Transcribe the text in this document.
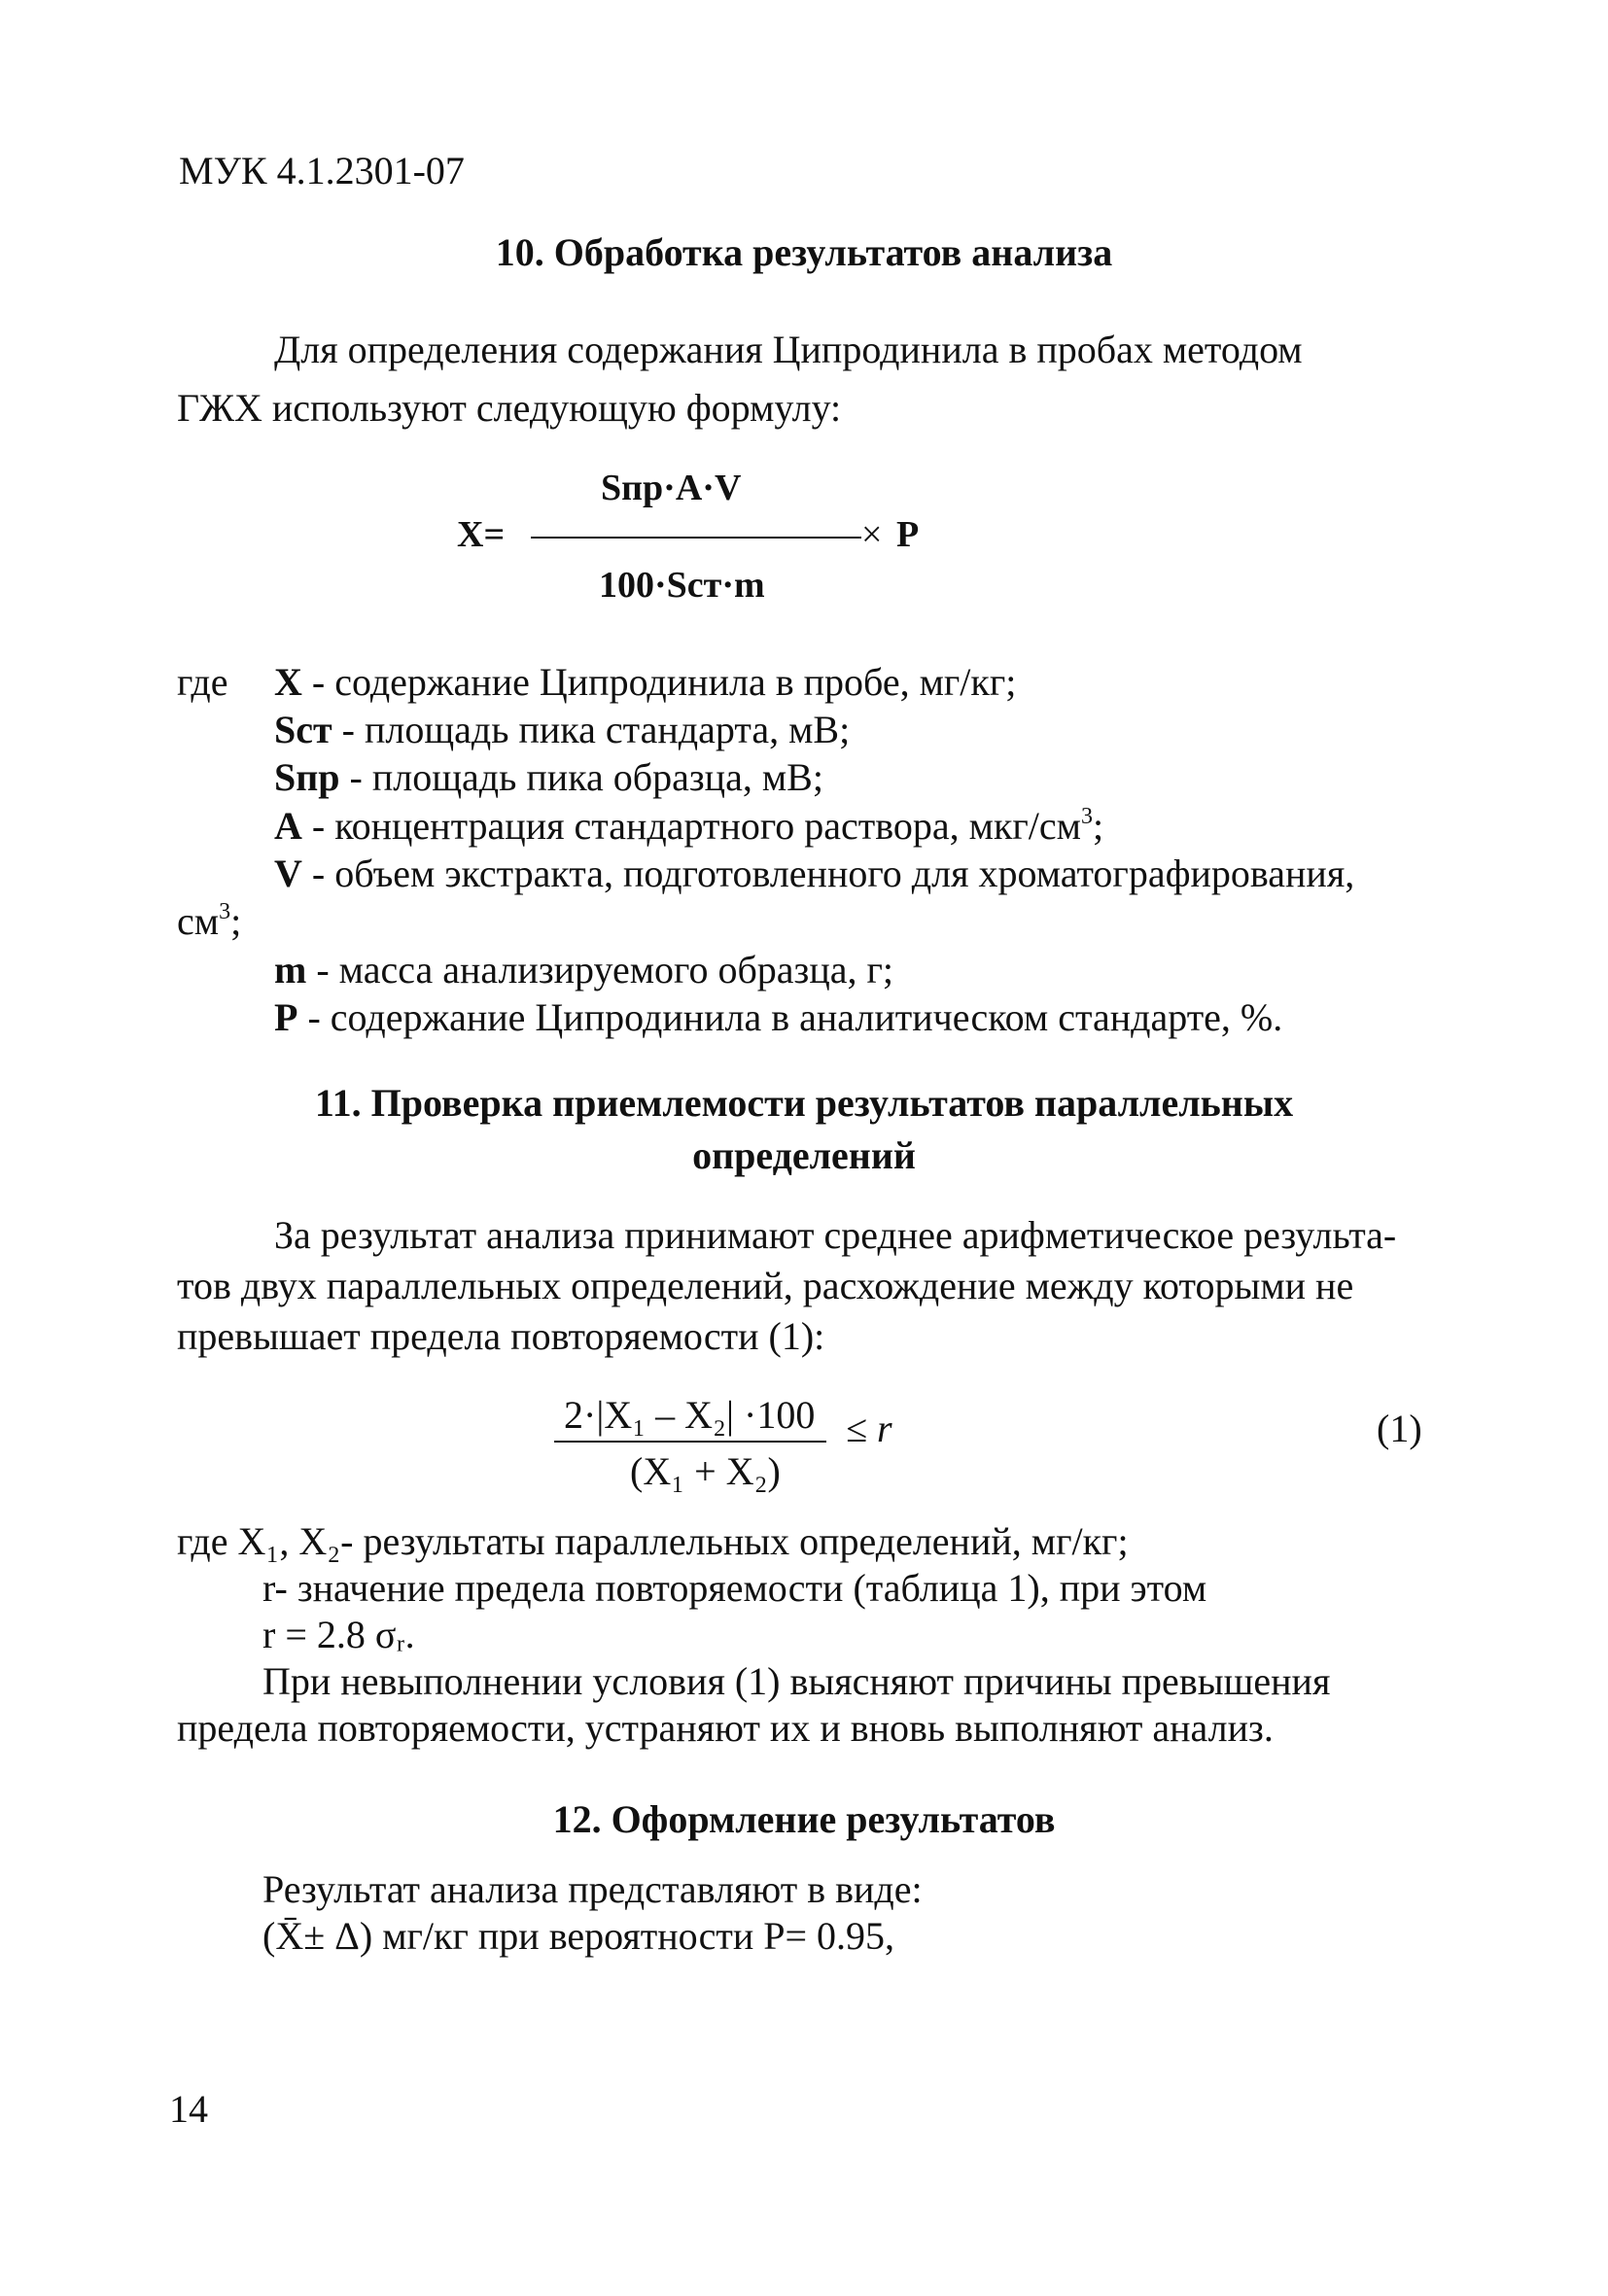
МУК 4.1.2301-07
10. Обработка результатов анализа
Для определения содержания Ципродинила в пробах методом
ГЖХ используют следующую формулу:
Sпр·A·V
X=	× P
100·Sст·m
где X - содержание Ципродинила в пробе, мг/кг;
Sст - площадь пика стандарта, мВ;
Sпр - площадь пика образца, мВ;
А - концентрация стандартного раствора, мкг/$см^3$;
V - объем экстракта, подготовленного для хроматографирования,
$см^3$;
m - масса анализируемого образца, г;
P - содержание Ципродинила в аналитическом стандарте, %.
11. Проверка приемлемости результатов параллельных
определений
За результат анализа принимают среднее арифметическое результа-
тов двух параллельных определений, расхождение между которыми не
превышает предела повторяемости (1):
2·|X₁ – X₂| ·100
(X₁ + X₂)
≤ r	(1)
где X₁, X₂- результаты параллельных определений, мг/кг;
r- значение предела повторяемости (таблица 1), при этом
r = 2.8 σᵣ.
При невыполнении условия (1) выясняют причины превышения
предела повторяемости, устраняют их и вновь выполняют анализ.
12. Оформление результатов
Результат анализа представляют в виде:
(X̄± Δ) мг/кг при вероятности P= 0.95,
14
